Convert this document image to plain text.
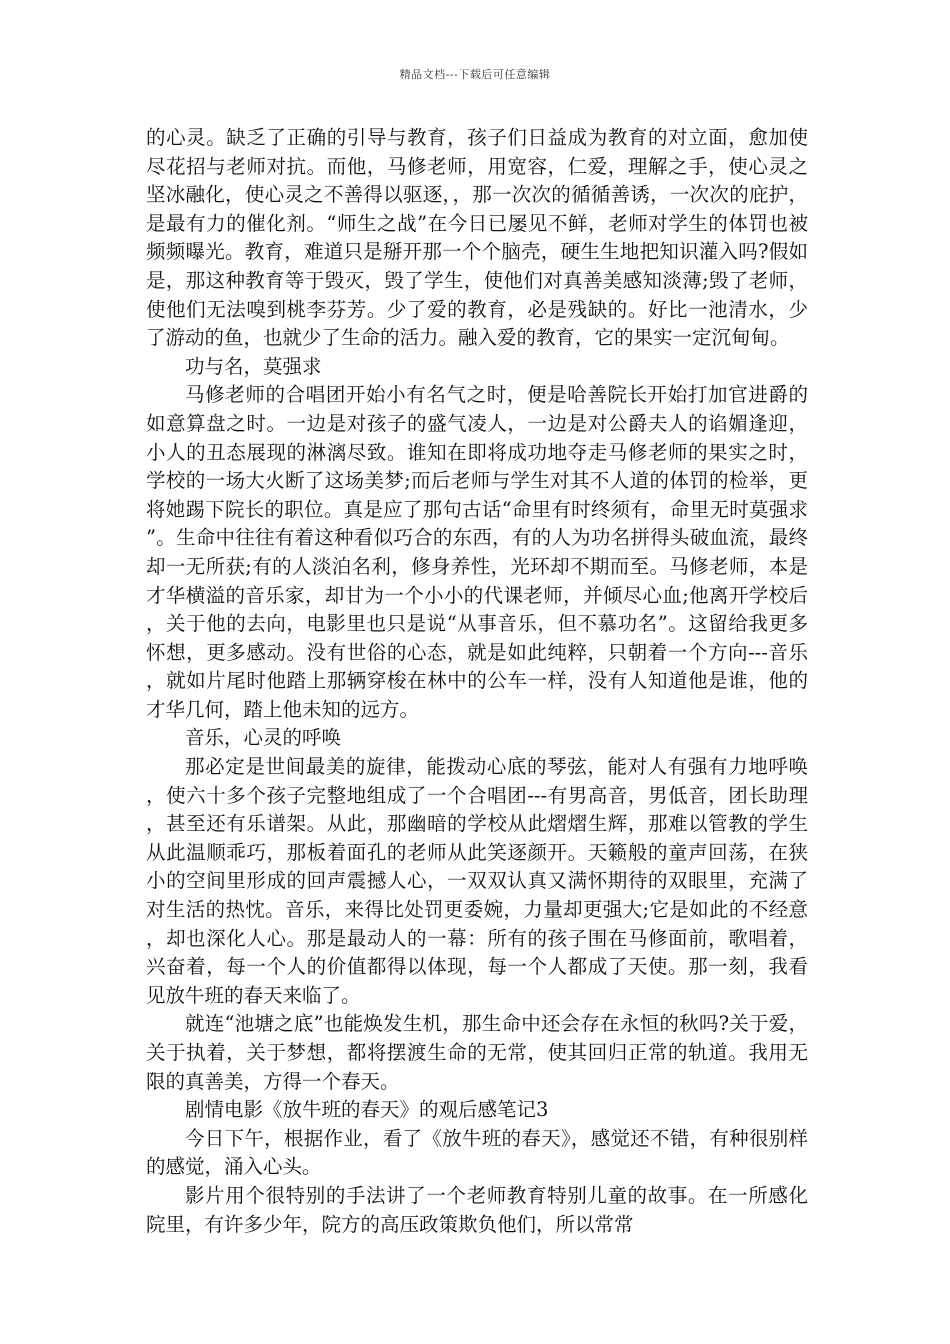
精品文档---下载后可任意编辑

的心灵。缺乏了正确的引导与教育，孩子们日益成为教育的对立面，愈加使尽花招与老师对抗。而他，马修老师，用宽容，仁爱，理解之手，使心灵之坚冰融化，使心灵之不善得以驱逐，，那一次次的循循善诱，一次次的庇护，是最有力的催化剂。“师生之战”在今日已屡见不鲜，老师对学生的体罚也被频频曝光。教育，难道只是掰开那一个个脑壳，硬生生地把知识灌入吗?假如是，那这种教育等于毁灭，毁了学生，使他们对真善美感知淡薄;毁了老师，使他们无法嗅到桃李芬芳。少了爱的教育，必是残缺的。好比一池清水，少了游动的鱼，也就少了生命的活力。融入爱的教育，它的果实一定沉甸甸。

功与名，莫强求

马修老师的合唱团开始小有名气之时，便是哈善院长开始打加官进爵的如意算盘之时。一边是对孩子的盛气凌人，一边是对公爵夫人的谄媚逢迎，小人的丑态展现的淋漓尽致。谁知在即将成功地夺走马修老师的果实之时，学校的一场大火断了这场美梦;而后老师与学生对其不人道的体罚的检举，更将她踢下院长的职位。真是应了那句古话“命里有时终须有，命里无时莫强求”。生命中往往有着这种看似巧合的东西，有的人为功名拼得头破血流，最终却一无所获;有的人淡泊名利，修身养性，光环却不期而至。马修老师，本是才华横溢的音乐家，却甘为一个小小的代课老师，并倾尽心血;他离开学校后，关于他的去向，电影里也只是说“从事音乐，但不慕功名”。这留给我更多怀想，更多感动。没有世俗的心态，就是如此纯粹，只朝着一个方向---音乐，就如片尾时他踏上那辆穿梭在林中的公车一样，没有人知道他是谁，他的才华几何，踏上他未知的远方。

音乐，心灵的呼唤

那必定是世间最美的旋律，能拨动心底的琴弦，能对人有强有力地呼唤，使六十多个孩子完整地组成了一个合唱团---有男高音，男低音，团长助理，甚至还有乐谱架。从此，那幽暗的学校从此熠熠生辉，那难以管教的学生从此温顺乖巧，那板着面孔的老师从此笑逐颜开。天籁般的童声回荡，在狭小的空间里形成的回声震撼人心，一双双认真又满怀期待的双眼里，充满了对生活的热忱。音乐，来得比处罚更委婉，力量却更强大;它是如此的不经意，却也深化人心。那是最动人的一幕：所有的孩子围在马修面前，歌唱着，兴奋着，每一个人的价值都得以体现，每一个人都成了天使。那一刻，我看见放牛班的春天来临了。

就连“池塘之底”也能焕发生机，那生命中还会存在永恒的秋吗?关于爱，关于执着，关于梦想，都将摆渡生命的无常，使其回归正常的轨道。我用无限的真善美，方得一个春天。

剧情电影《放牛班的春天》的观后感笔记3

今日下午，根据作业，看了《放牛班的春天》，感觉还不错，有种很别样的感觉，涌入心头。

影片用个很特别的手法讲了一个老师教育特别儿童的故事。在一所感化院里，有许多少年，院方的高压政策欺负他们，所以常常
